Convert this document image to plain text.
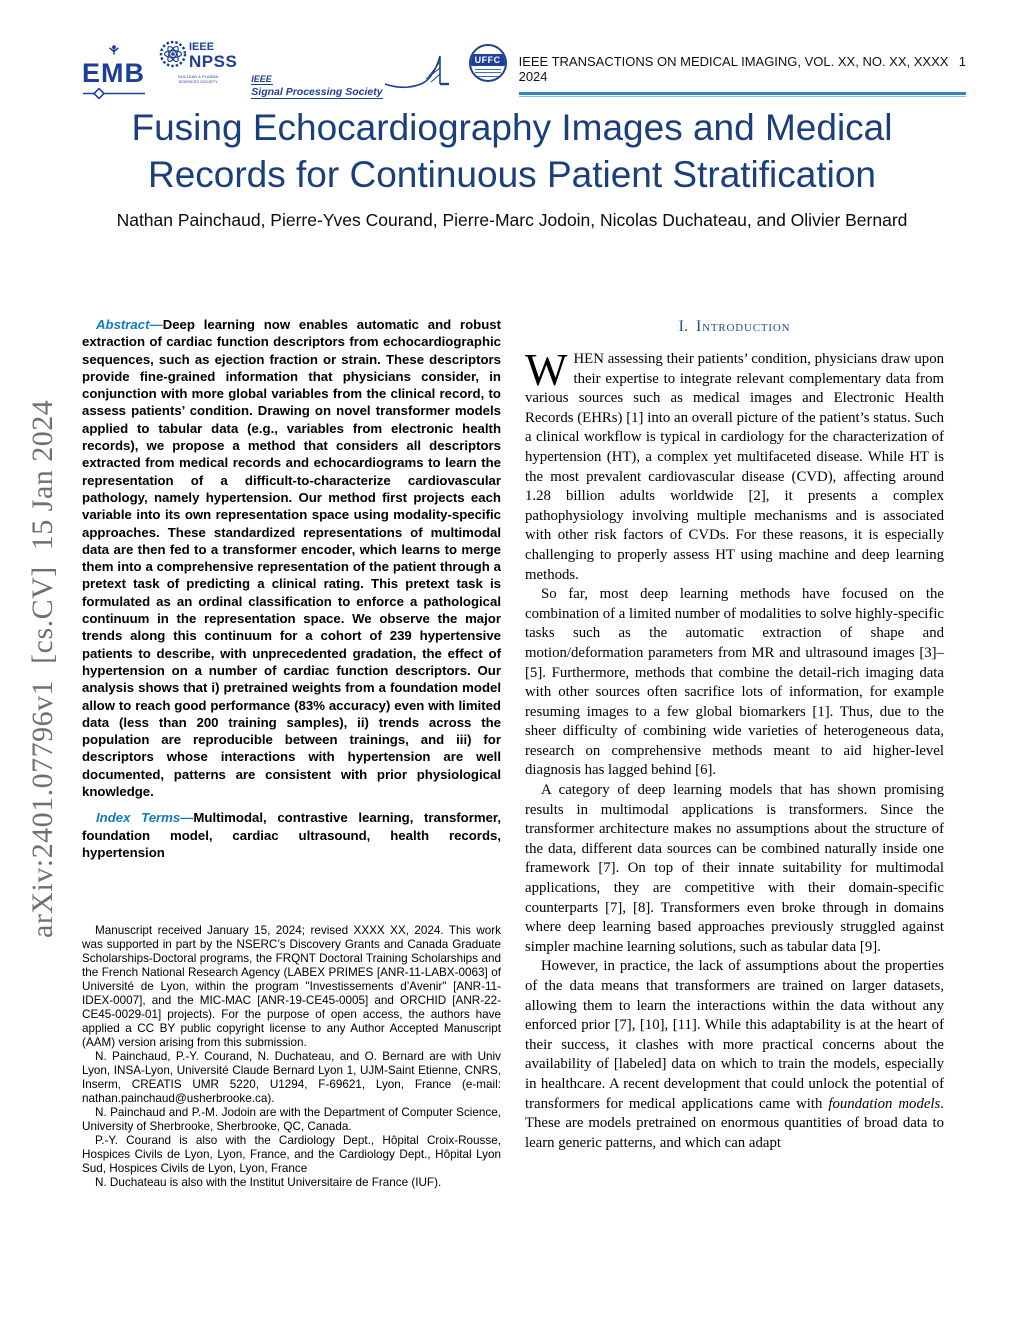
arXiv:2401.07796v1  [cs.CV]  15 Jan 2024
EMB
IEEE
NPSS
NUCLEAR & PLASMA
SCIENCES SOCIETY	IEEE
Signal Processing Society
UFFC	IEEE TRANSACTIONS ON MEDICAL IMAGING, VOL. XX, NO. XX, XXXX 2024
1
Fusing Echocardiography Images and Medical Records for Continuous Patient Stratification
Nathan Painchaud, Pierre-Yves Courand, Pierre-Marc Jodoin, Nicolas Duchateau, and Olivier Bernard

Abstract—Deep learning now enables automatic and robust extraction of cardiac function descriptors from echocardiographic sequences, such as ejection fraction or strain. These descriptors provide fine-grained information that physicians consider, in conjunction with more global variables from the clinical record, to assess patients’ condition. Drawing on novel transformer models applied to tabular data (e.g., variables from electronic health records), we propose a method that considers all descriptors extracted from medical records and echocardiograms to learn the representation of a difficult-to-characterize cardiovascular pathology, namely hypertension. Our method first projects each variable into its own representation space using modality-specific approaches. These standardized representations of multimodal data are then fed to a transformer encoder, which learns to merge them into a comprehensive representation of the patient through a pretext task of predicting a clinical rating. This pretext task is formulated as an ordinal classification to enforce a pathological continuum in the representation space. We observe the major trends along this continuum for a cohort of 239 hypertensive patients to describe, with unprecedented gradation, the effect of hypertension on a number of cardiac function descriptors. Our analysis shows that i) pretrained weights from a foundation model allow to reach good performance (83% accuracy) even with limited data (less than 200 training samples), ii) trends across the population are reproducible between trainings, and iii) for descriptors whose interactions with hypertension are well documented, patterns are consistent with prior physiological knowledge.

Index Terms—Multimodal, contrastive learning, transformer, foundation model, cardiac ultrasound, health records, hypertension

Manuscript received January 15, 2024; revised XXXX XX, 2024. This work was supported in part by the NSERC’s Discovery Grants and Canada Graduate Scholarships-Doctoral programs, the FRQNT Doctoral Training Scholarships and the French National Research Agency (LABEX PRIMES [ANR-11-LABX-0063] of Université de Lyon, within the program "Investissements d’Avenir" [ANR-11-IDEX-0007], and the MIC-MAC [ANR-19-CE45-0005] and ORCHID [ANR-22-CE45-0029-01] projects). For the purpose of open access, the authors have applied a CC BY public copyright license to any Author Accepted Manuscript (AAM) version arising from this submission.

N. Painchaud, P.-Y. Courand, N. Duchateau, and O. Bernard are with Univ Lyon, INSA-Lyon, Université Claude Bernard Lyon 1, UJM-Saint Etienne, CNRS, Inserm, CREATIS UMR 5220, U1294, F-69621, Lyon, France (e-mail: nathan.painchaud@usherbrooke.ca).

N. Painchaud and P.-M. Jodoin are with the Department of Computer Science, University of Sherbrooke, Sherbrooke, QC, Canada.

P.-Y. Courand is also with the Cardiology Dept., Hôpital Croix-Rousse, Hospices Civils de Lyon, Lyon, France, and the Cardiology Dept., Hôpital Lyon Sud, Hospices Civils de Lyon, Lyon, France

N. Duchateau is also with the Institut Universitaire de France (IUF).

I. Introduction

WHEN assessing their patients’ condition, physicians draw upon their expertise to integrate relevant complementary data from various sources such as medical images and Electronic Health Records (EHRs) [1] into an overall picture of the patient’s status. Such a clinical workflow is typical in cardiology for the characterization of hypertension (HT), a complex yet multifaceted disease. While HT is the most prevalent cardiovascular disease (CVD), affecting around 1.28 billion adults worldwide [2], it presents a complex pathophysiology involving multiple mechanisms and is associated with other risk factors of CVDs. For these reasons, it is especially challenging to properly assess HT using machine and deep learning methods.

So far, most deep learning methods have focused on the combination of a limited number of modalities to solve highly-specific tasks such as the automatic extraction of shape and motion/deformation parameters from MR and ultrasound images [3]–[5]. Furthermore, methods that combine the detail-rich imaging data with other sources often sacrifice lots of information, for example resuming images to a few global biomarkers [1]. Thus, due to the sheer difficulty of combining wide varieties of heterogeneous data, research on comprehensive methods meant to aid higher-level diagnosis has lagged behind [6].

A category of deep learning models that has shown promising results in multimodal applications is transformers. Since the transformer architecture makes no assumptions about the structure of the data, different data sources can be combined naturally inside one framework [7]. On top of their innate suitability for multimodal applications, they are competitive with their domain-specific counterparts [7], [8]. Transformers even broke through in domains where deep learning based approaches previously struggled against simpler machine learning solutions, such as tabular data [9].

However, in practice, the lack of assumptions about the properties of the data means that transformers are trained on larger datasets, allowing them to learn the interactions within the data without any enforced prior [7], [10], [11]. While this adaptability is at the heart of their success, it clashes with more practical concerns about the availability of [labeled] data on which to train the models, especially in healthcare. A recent development that could unlock the potential of transformers for medical applications came with foundation models. These are models pretrained on enormous quantities of broad data to learn generic patterns, and which can adapt
